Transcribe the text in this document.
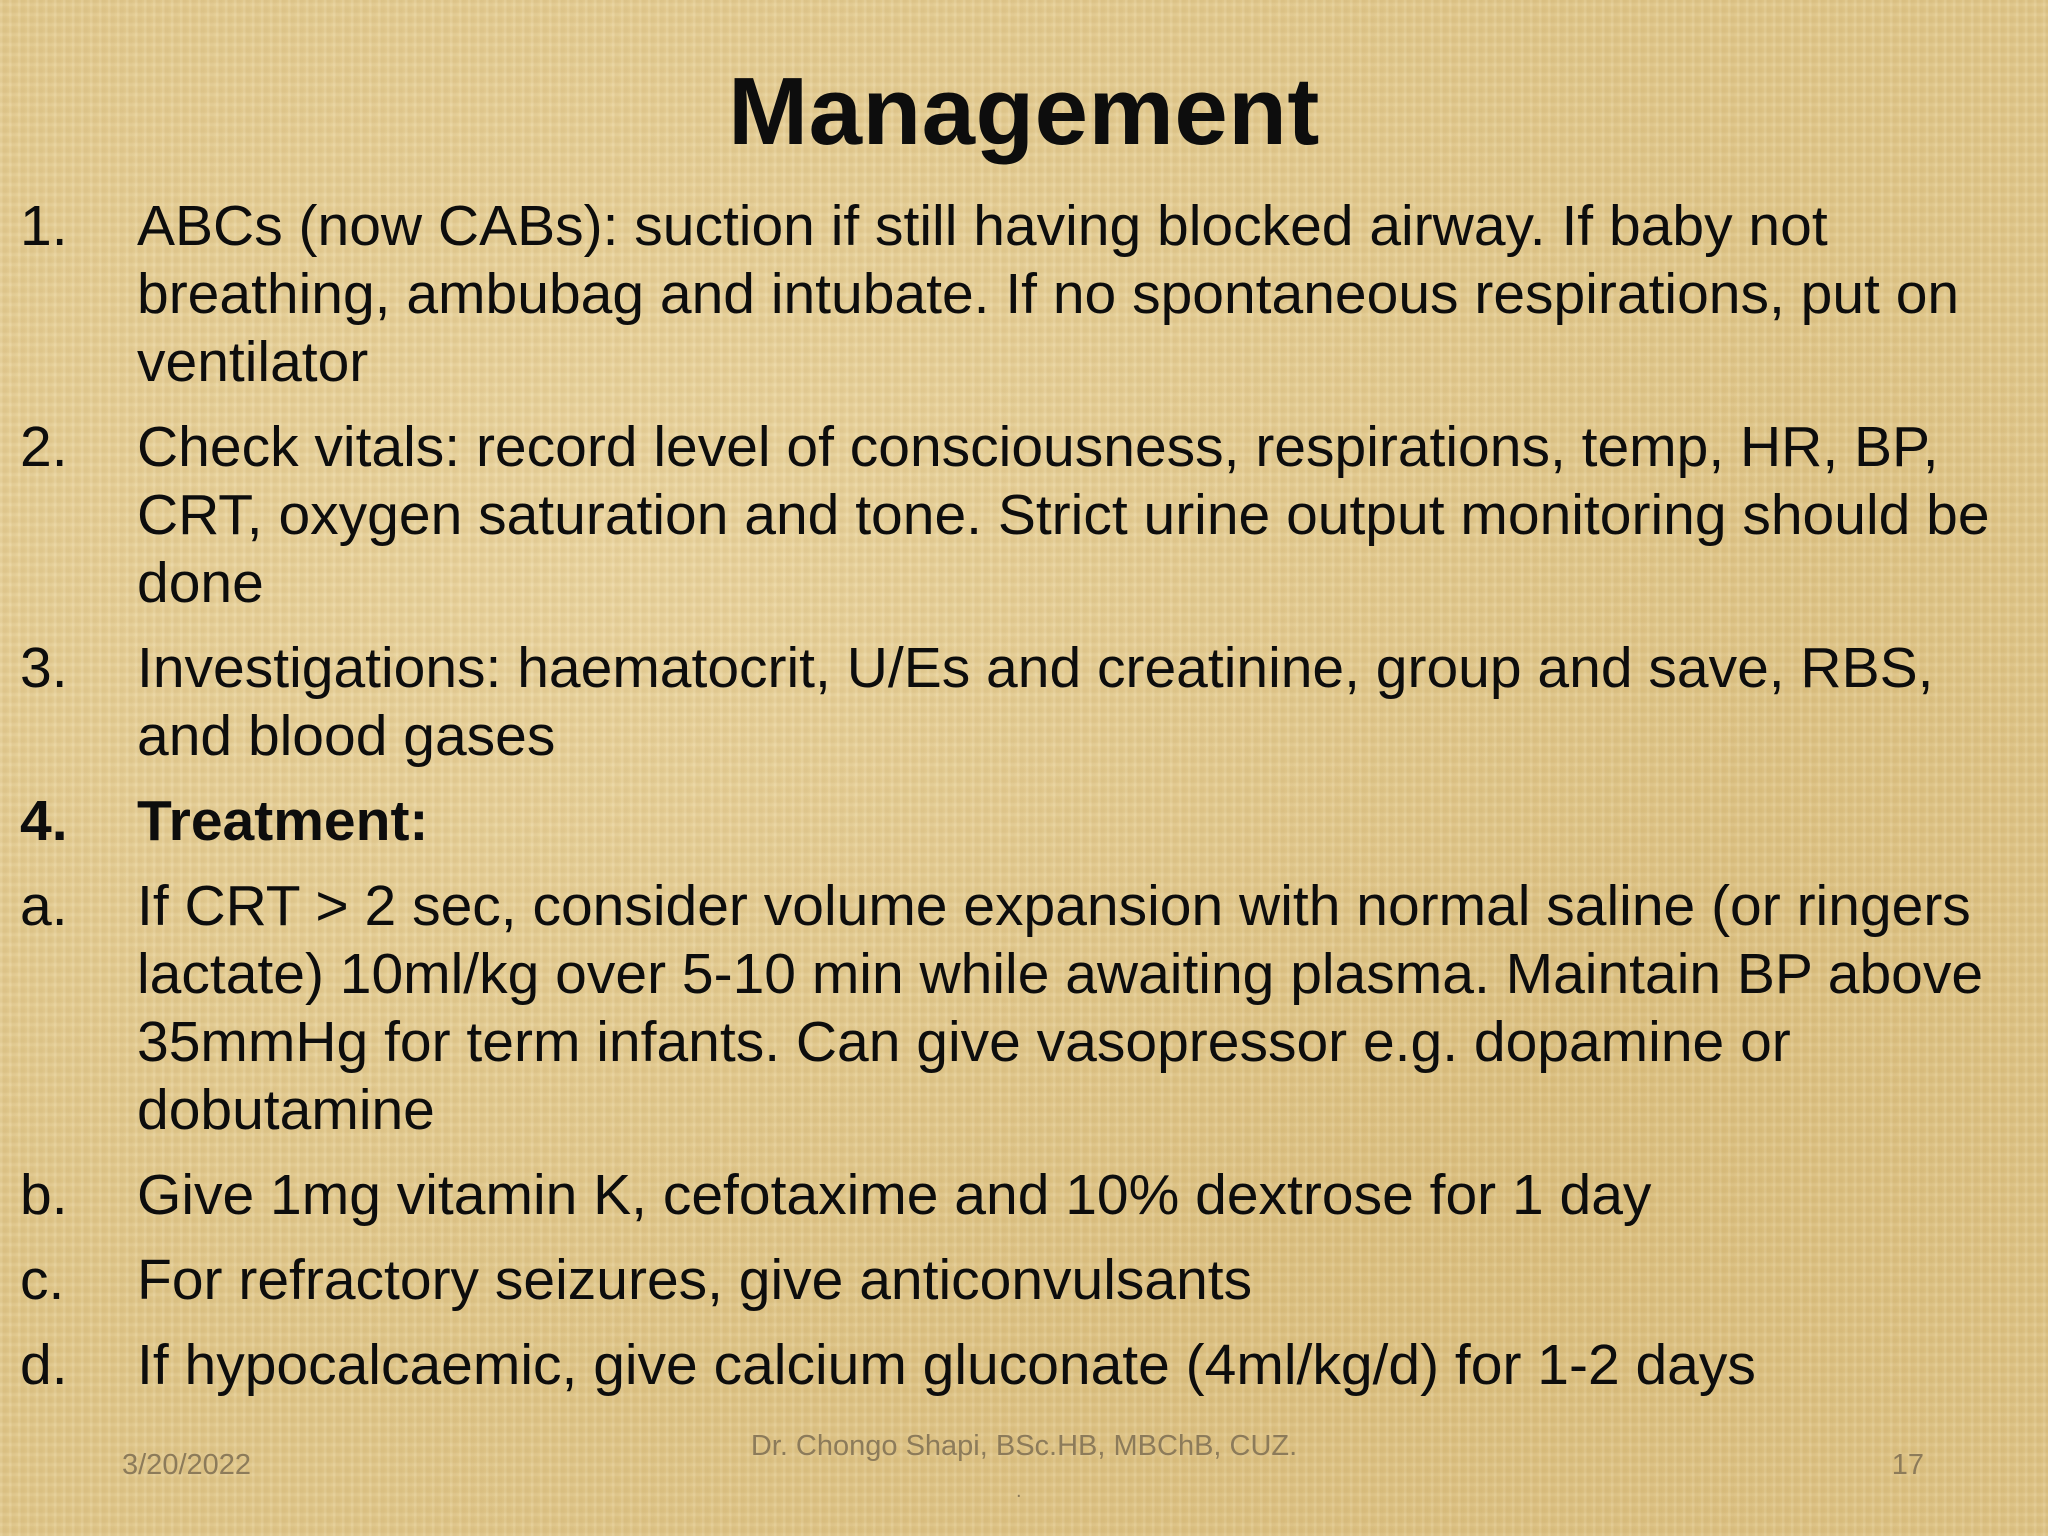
Management
1.	ABCs (now CABs): suction if still having blocked airway. If baby not breathing, ambubag and intubate. If no spontaneous respirations, put on ventilator
2.	Check vitals: record level of consciousness, respirations, temp, HR, BP, CRT, oxygen saturation and tone. Strict urine output monitoring should be done
3.	Investigations: haematocrit, U/Es and creatinine, group and save, RBS, and blood gases
4.	Treatment:
a.	If CRT > 2 sec, consider volume expansion with normal saline (or ringers lactate) 10ml/kg over 5-10 min while awaiting plasma. Maintain BP above 35mmHg for term infants. Can give vasopressor e.g. dopamine or dobutamine
b.	Give 1mg vitamin K, cefotaxime and 10% dextrose for 1 day
c.	For refractory seizures, give anticonvulsants
d.	If hypocalcaemic, give calcium gluconate (4ml/kg/d) for 1-2 days
3/20/2022
Dr. Chongo Shapi, BSc.HB, MBChB, CUZ.
.
17
